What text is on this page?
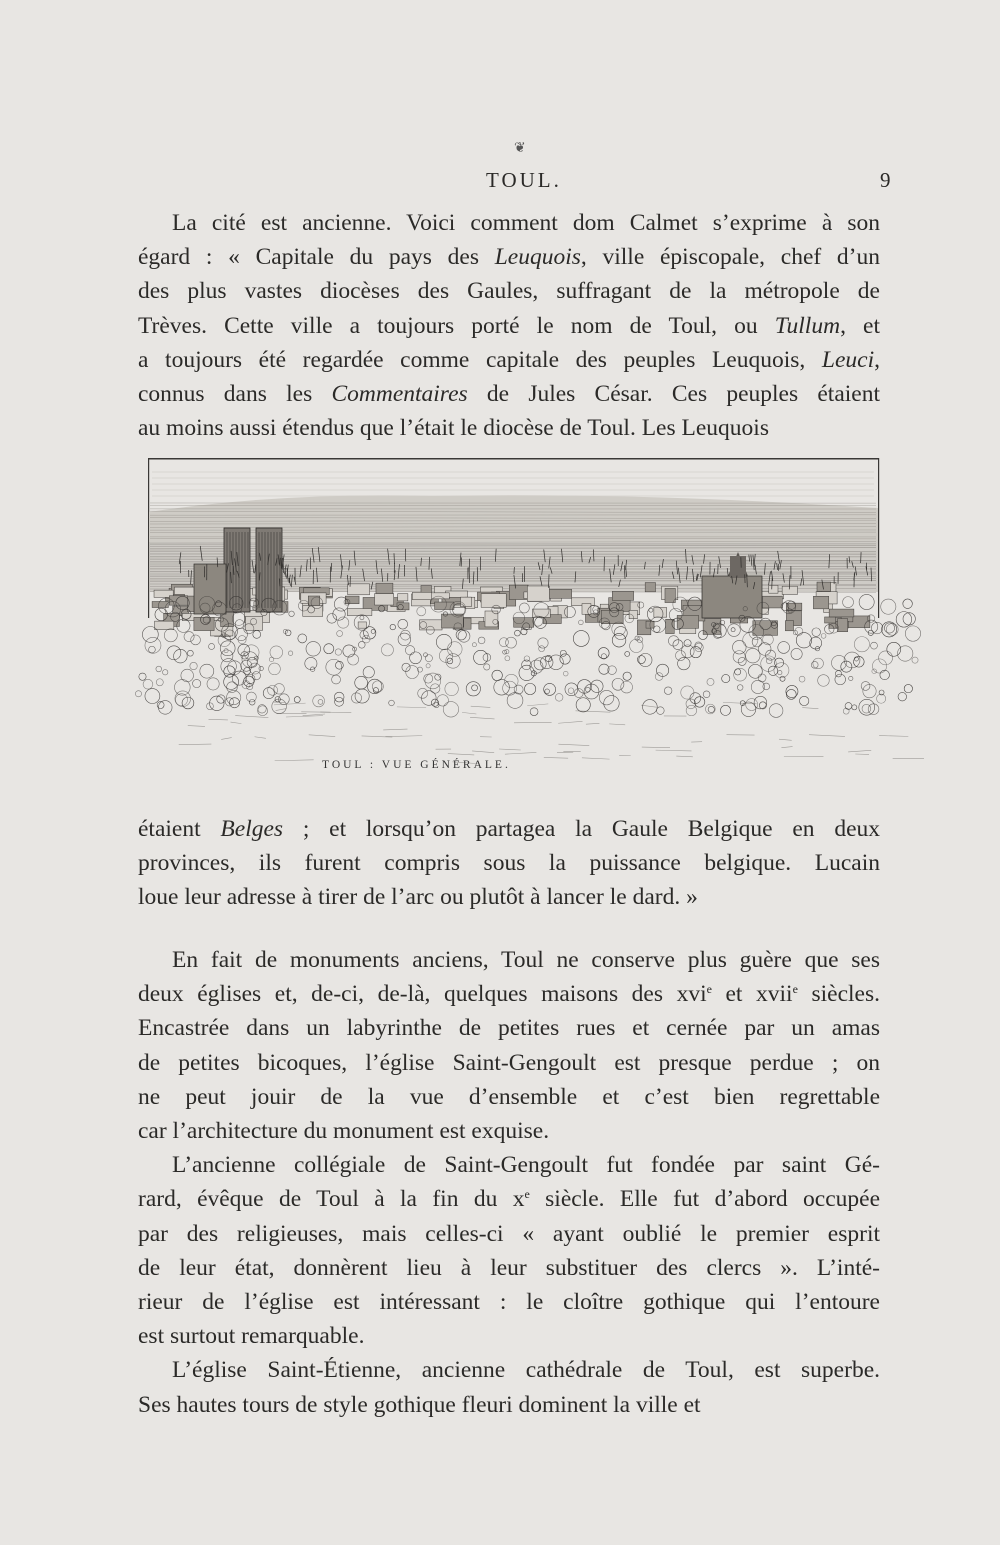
❦
TOUL.	9

La cité est ancienne. Voici comment dom Calmet s’exprime à son

égard : « Capitale du pays des Leuquois, ville épiscopale, chef d’un

des plus vastes diocèses des Gaules, suffragant de la métropole de

Trèves. Cette ville a toujours porté le nom de Toul, ou Tullum, et

a toujours été regardée comme capitale des peuples Leuquois, Leuci,

connus dans les Commentaires de Jules César. Ces peuples étaient

au moins aussi étendus que l’était le diocèse de Toul. Les Leuquois

TOUL : VUE GÉNÉRALE.

étaient Belges ; et lorsqu’on partagea la Gaule Belgique en deux

provinces, ils furent compris sous la puissance belgique. Lucain

loue leur adresse à tirer de l’arc ou plutôt à lancer le dard. »

En fait de monuments anciens, Toul ne conserve plus guère que ses

deux églises et, de-ci, de-là, quelques maisons des xvi$^e$ et xvii$^e$ siècles.

Encastrée dans un labyrinthe de petites rues et cernée par un amas

de petites bicoques, l’église Saint-Gengoult est presque perdue ; on

ne peut jouir de la vue d’ensemble et c’est bien regrettable

car l’architecture du monument est exquise.

L’ancienne collégiale de Saint-Gengoult fut fondée par saint Gé-

rard, évêque de Toul à la fin du $x^e$ siècle. Elle fut d’abord occupée

par des religieuses, mais celles-ci « ayant oublié le premier esprit

de leur état, donnèrent lieu à leur substituer des clercs ». L’inté-

rieur de l’église est intéressant : le cloître gothique qui l’entoure

est surtout remarquable.

L’église Saint-Étienne, ancienne cathédrale de Toul, est superbe.

Ses hautes tours de style gothique fleuri dominent la ville et
